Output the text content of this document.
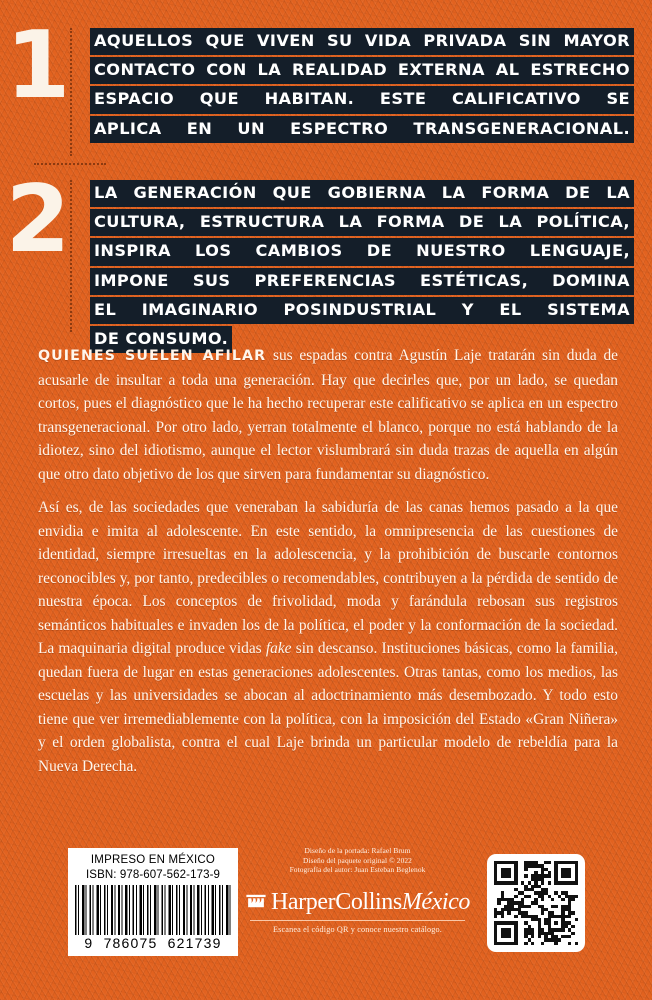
1 AQUELLOS QUE VIVEN SU VIDA PRIVADA SIN MAYOR
CONTACTO CON LA REALIDAD EXTERNA AL ESTRECHO
ESPACIO QUE HABITAN. ESTE CALIFICATIVO SE
APLICA EN UN ESPECTRO TRANSGENERACIONAL.
2 LA GENERACIÓN QUE GOBIERNA LA FORMA DE LA
CULTURA, ESTRUCTURA LA FORMA DE LA POLÍTICA,
INSPIRA LOS CAMBIOS DE NUESTRO LENGUAJE,
IMPONE SUS PREFERENCIAS ESTÉTICAS, DOMINA
EL IMAGINARIO POSINDUSTRIAL Y EL SISTEMA
DE CONSUMO.

QUIENES SUELEN AFILAR sus espadas contra Agustín Laje tratarán sin duda de acusarle de insultar a toda una generación. Hay que decirles que, por un lado, se quedan cortos, pues el diagnóstico que le ha hecho recuperar este calificativo se aplica en un espectro transgeneracional. Por otro lado, yerran totalmente el blanco, porque no está hablando de la idiotez, sino del idiotismo, aunque el lector vislumbrará sin duda trazas de aquella en algún que otro dato objetivo de los que sirven para fundamentar su diagnóstico.

Así es, de las sociedades que veneraban la sabiduría de las canas hemos pasado a la que envidia e imita al adolescente. En este sentido, la omnipresencia de las cuestiones de identidad, siempre irresueltas en la adolescencia, y la prohibición de buscarle contornos reconocibles y, por tanto, predecibles o recomendables, contribuyen a la pérdida de sentido de nuestra época. Los conceptos de frivolidad, moda y farándula rebosan sus registros semánticos habituales e invaden los de la política, el poder y la conformación de la sociedad. La maquinaria digital produce vidas fake sin descanso. Instituciones básicas, como la familia, quedan fuera de lugar en estas generaciones adolescentes. Otras tantas, como los medios, las escuelas y las universidades se abocan al adoctrinamiento más desembozado. Y todo esto tiene que ver irremediablemente con la política, con la imposición del Estado «Gran Niñera» y el orden globalista, contra el cual Laje brinda un particular modelo de rebeldía para la Nueva Derecha.

IMPRESO EN MÉXICO
ISBN: 978-607-562-173-9
9  786075  621739
Diseño de la portada: Rafael Brum
Diseño del paquete original © 2022
Fotografía del autor: Juan Esteban Beglenok
HarperCollinsMéxico
Escanea el código QR y conoce nuestro catálogo.
